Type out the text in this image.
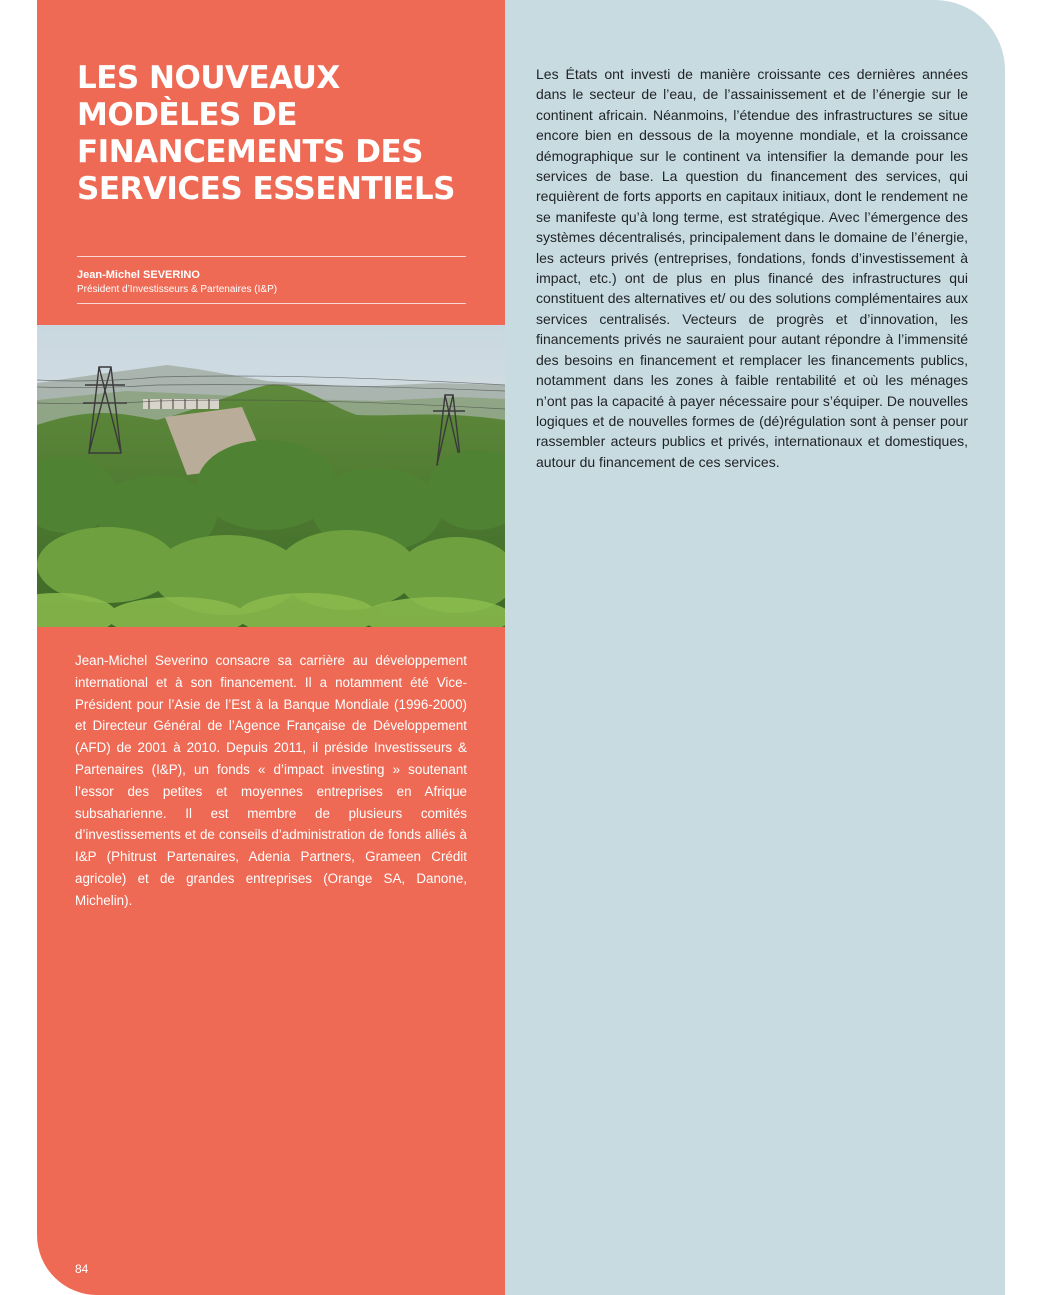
LES NOUVEAUX MODÈLES DE FINANCEMENTS DES SERVICES ESSENTIELS

Jean-Michel SEVERINO

Président d’Investisseurs & Partenaires (I&P)

Jean-Michel Severino consacre sa carrière au développement international et à son financement. Il a notamment été Vice-Président pour l’Asie de l’Est à la Banque Mondiale (1996-2000) et Directeur Général de l’Agence Française de Développement (AFD) de 2001 à 2010. Depuis 2011, il préside Investisseurs & Partenaires (I&P), un fonds « d’impact investing » soutenant l’essor des petites et moyennes entreprises en Afrique subsaharienne. Il est membre de plusieurs comités d’investissements et de conseils d’administration de fonds alliés à I&P (Phitrust Partenaires, Adenia Partners, Grameen Crédit agricole) et de grandes entreprises (Orange SA, Danone, Michelin).

84

Les États ont investi de manière croissante ces dernières années dans le secteur de l’eau, de l’assainissement et de l’énergie sur le continent africain. Néanmoins, l’étendue des infrastructures se situe encore bien en dessous de la moyenne mondiale, et la croissance démographique sur le continent va intensifier la demande pour les services de base. La question du financement des services, qui requièrent de forts apports en capitaux initiaux, dont le rendement ne se manifeste qu’à long terme, est stratégique. Avec l’émergence des systèmes décentralisés, principalement dans le domaine de l’énergie, les acteurs privés (entreprises, fondations, fonds d’investissement à impact, etc.) ont de plus en plus financé des infrastructures qui constituent des alternatives et/ ou des solutions complémentaires aux services centralisés. Vecteurs de progrès et d’innovation, les financements privés ne sauraient pour autant répondre à l’immensité des besoins en financement et remplacer les financements publics, notamment dans les zones à faible rentabilité et où les ménages n’ont pas la capacité à payer nécessaire pour s’équiper. De nouvelles logiques et de nouvelles formes de (dé)régulation sont à penser pour rassembler acteurs publics et privés, internationaux et domestiques, autour du financement de ces services.
